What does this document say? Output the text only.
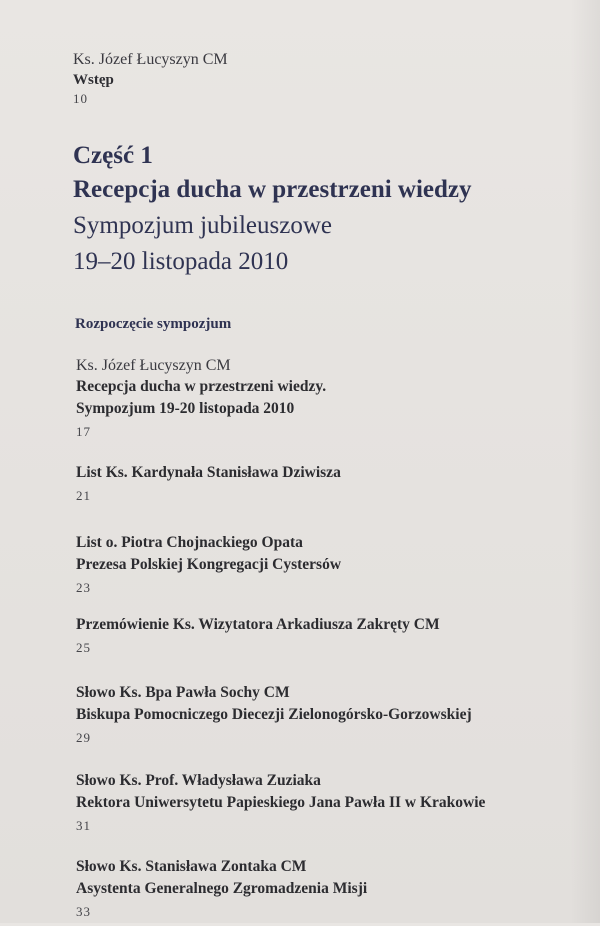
Ks. Józef Łucyszyn CM
Wstęp
10
Część 1
Recepcja ducha w przestrzeni wiedzy
Sympozjum jubileuszowe
19–20 listopada 2010
Rozpoczęcie sympozjum
Ks. Józef Łucyszyn CM
Recepcja ducha w przestrzeni wiedzy.
Sympozjum 19-20 listopada 2010
17
List Ks. Kardynała Stanisława Dziwisza
21
List o. Piotra Chojnackiego Opata
Prezesa Polskiej Kongregacji Cystersów
23
Przemówienie Ks. Wizytatora Arkadiusza Zakręty CM
25
Słowo Ks. Bpa Pawła Sochy CM
Biskupa Pomocniczego Diecezji Zielonogórsko-Gorzowskiej
29
Słowo Ks. Prof. Władysława Zuziaka
Rektora Uniwersytetu Papieskiego Jana Pawła II w Krakowie
31
Słowo Ks. Stanisława Zontaka CM
Asystenta Generalnego Zgromadzenia Misji
33
